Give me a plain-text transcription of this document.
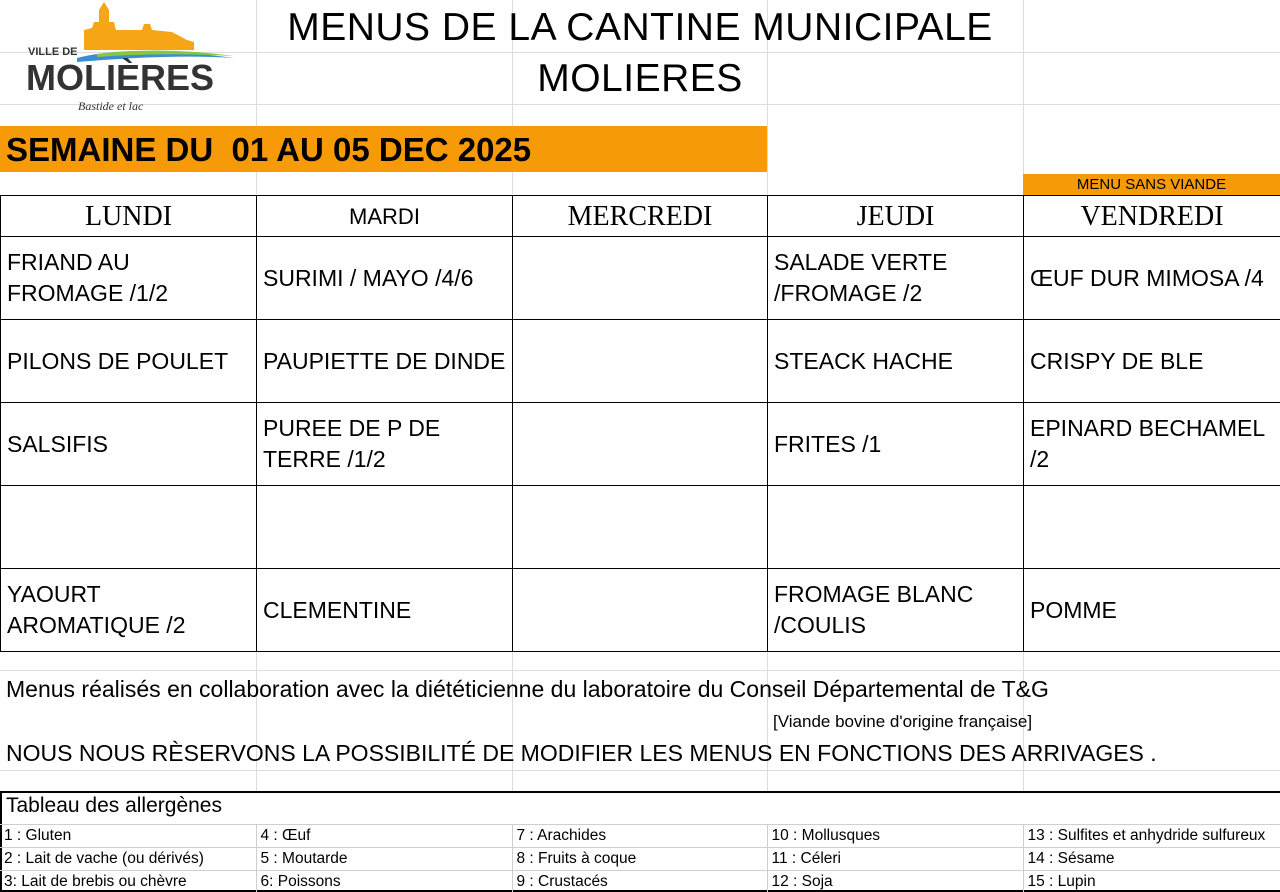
VILLE DE
MOLIÈRES
Bastide et lac
MENUS DE LA CANTINE MUNICIPALE
MOLIERES
SEMAINE DU  01 AU 05 DEC 2025
MENU SANS VIANDE
LUNDI	MARDI	MERCREDI	JEUDI	VENDREDI
FRIAND AU FROMAGE /1/2	SURIMI / MAYO /4/6		SALADE VERTE /FROMAGE /2	ŒUF DUR MIMOSA /4
PILONS DE POULET	PAUPIETTE DE DINDE		STEACK HACHE	CRISPY DE BLE
SALSIFIS	PUREE DE P DE TERRE /1/2		FRITES /1	EPINARD BECHAMEL /2

YAOURT AROMATIQUE /2	CLEMENTINE		FROMAGE BLANC /COULIS	POMME
Menus réalisés en collaboration avec la diététicienne du laboratoire du Conseil Départemental de T&G
[Viande bovine d'origine française]
NOUS NOUS RÈSERVONS LA POSSIBILITÉ DE MODIFIER LES MENUS EN FONCTIONS DES ARRIVAGES .
Tableau des allergènes
1 : Gluten	4 : Œuf	7 : Arachides	10 : Mollusques	13 : Sulfites et anhydride sulfureux
2 : Lait de vache (ou dérivés)	5 : Moutarde	8 : Fruits à coque	11 : Céleri	14 : Sésame
3: Lait de brebis ou chèvre	6: Poissons	9 : Crustacés	12 : Soja	15 : Lupin
